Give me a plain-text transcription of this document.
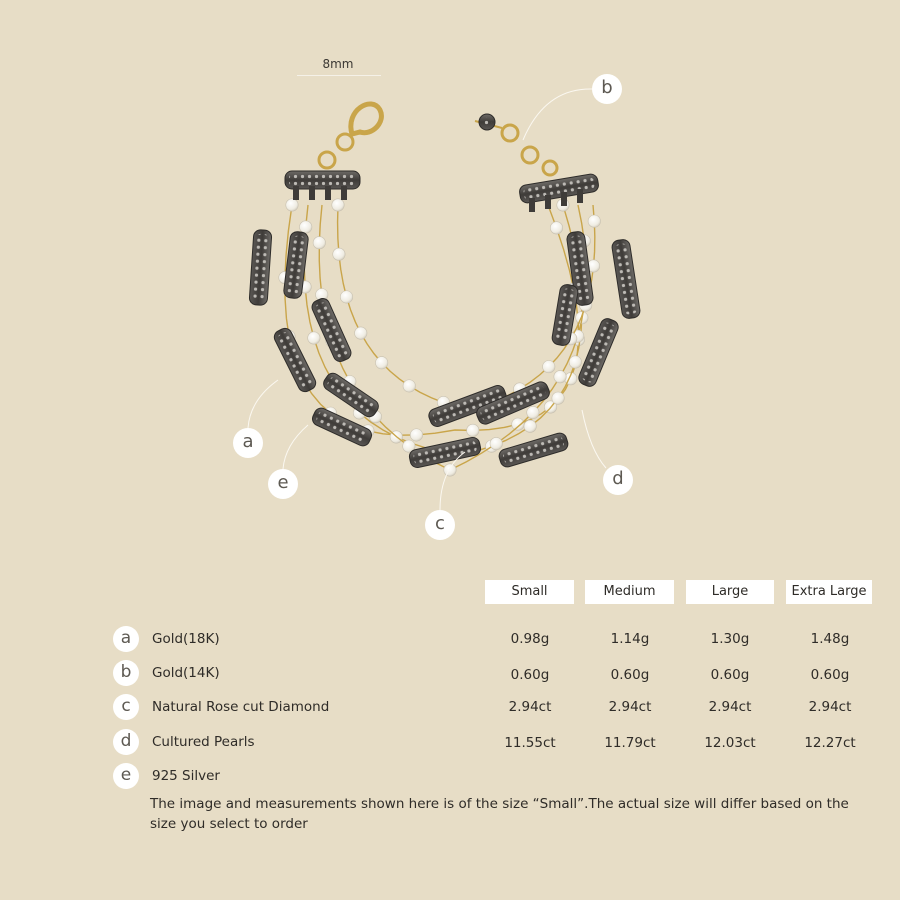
8mm
a
b
c
d
e
Small	Medium	Large	Extra Large
a	Gold(18K)	0.98g	1.14g	1.30g	1.48g
b	Gold(14K)	0.60g	0.60g	0.60g	0.60g
c	Natural Rose cut Diamond	2.94ct	2.94ct	2.94ct	2.94ct
d	Cultured Pearls	11.55ct	11.79ct	12.03ct	12.27ct
e	925 Silver
The image and measurements shown here is of the size “Small”.The actual size will differ based on the size you select to order
